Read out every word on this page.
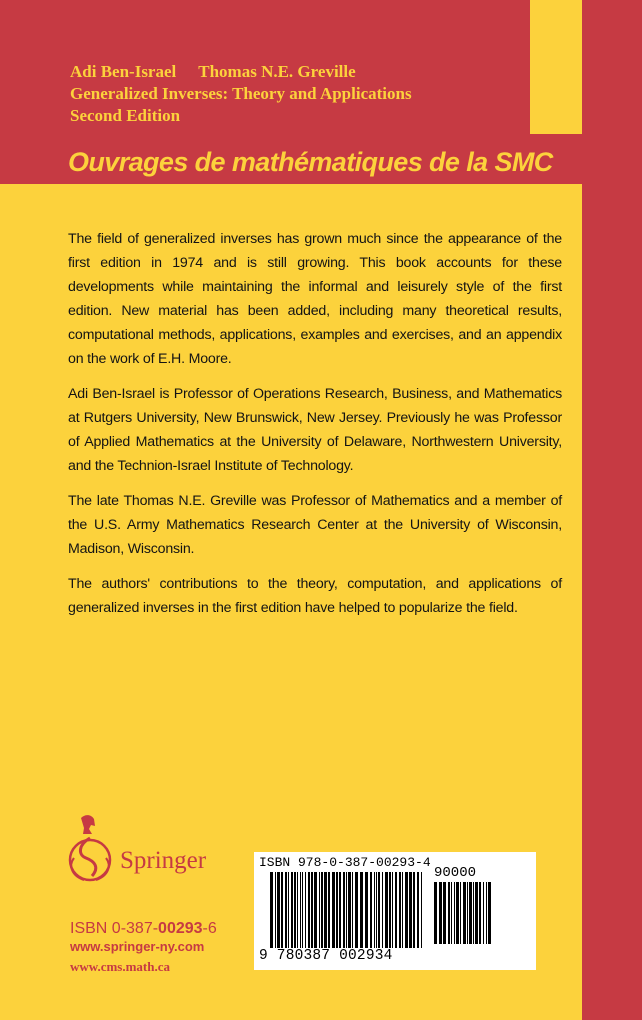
Adi Ben-Israel Thomas N.E. Greville

Generalized Inverses: Theory and Applications

Second Edition

Ouvrages de mathématiques de la SMC

The field of generalized inverses has grown much since the appearance of the first edition in 1974 and is still growing. This book accounts for these developments while maintaining the informal and leisurely style of the first edition. New material has been added, including many theoretical results, computational methods, applications, examples and exercises, and an appendix on the work of E.H. Moore.

Adi Ben-Israel is Professor of Operations Research, Business, and Mathematics at Rutgers University, New Brunswick, New Jersey. Previously he was Professor of Applied Mathematics at the University of Delaware, Northwestern University, and the Technion-Israel Institute of Technology.

The late Thomas N.E. Greville was Professor of Mathematics and a member of the U.S. Army Mathematics Research Center at the University of Wisconsin, Madison, Wisconsin.

The authors' contributions to the theory, computation, and applications of generalized inverses in the first edition have helped to popularize the field.

Springer
ISBN 0-387-00293-6
www.springer-ny.com
www.cms.math.ca
ISBN 978-0-387-00293-4
90000
9 780387 002934
